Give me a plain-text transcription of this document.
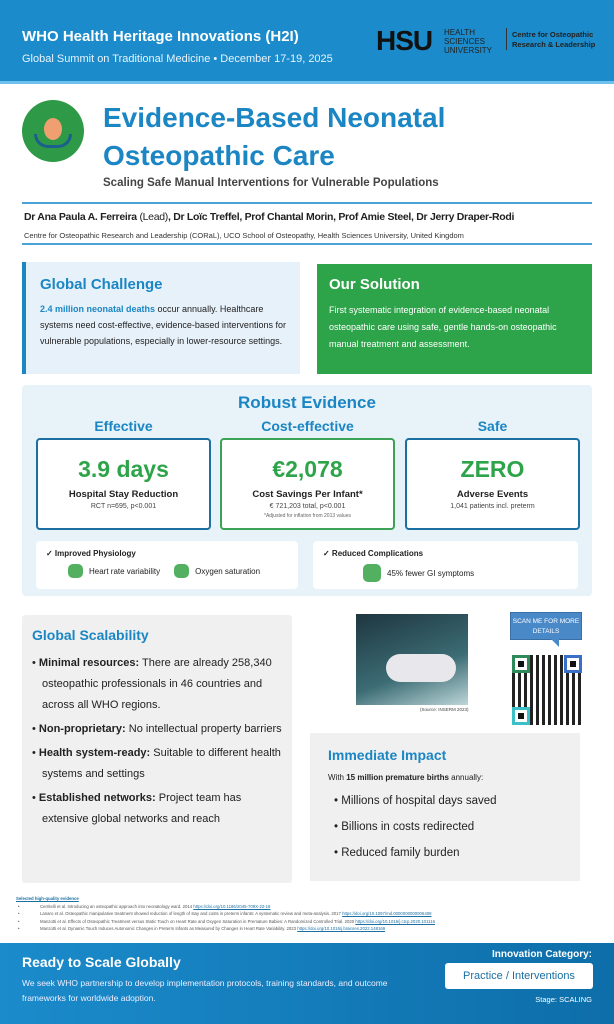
WHO Health Heritage Innovations (H2I)
Global Summit on Traditional Medicine • December 17-19, 2025
HSU HEALTH
SCIENCES
UNIVERSITY
Centre for Osteopathic
Research & Leadership
Evidence-Based Neonatal
Osteopathic Care
Scaling Safe Manual Interventions for Vulnerable Populations
Dr Ana Paula A. Ferreira (Lead), Dr Loïc Treffel, Prof Chantal Morin, Prof Amie Steel, Dr Jerry Draper-Rodi
Centre for Osteopathic Research and Leadership (CORaL), UCO School of Osteopathy, Health Sciences University, United Kingdom
Global Challenge

2.4 million neonatal deaths occur annually. Healthcare systems need cost-effective, evidence-based interventions for vulnerable populations, especially in lower-resource settings.

Our Solution

First systematic integration of evidence-based neonatal osteopathic care using safe, gentle hands-on osteopathic manual treatment and assessment.

Robust Evidence
Effective	Cost-effective	Safe
3.9 days
Hospital Stay Reduction
RCT n=695, p<0.001
€2,078
Cost Savings Per Infant*
€ 721,203 total, p<0.001
*Adjusted for inflation from 2013 values
ZERO
Adverse Events
1,041 patients incl. preterm
✓ Improved Physiology
Heart rate variability	Oxygen saturation
✓ Reduced Complications
45% fewer GI symptoms
Global Scalability
• Minimal resources: There are already 258,340 osteopathic professionals in 46 countries and across all WHO regions.
• Non-proprietary: No intellectual property barriers
• Health system-ready: Suitable to different health systems and settings
• Established networks: Project team has extensive global networks and reach
(Source: INSERM 2023)
SCAN ME FOR MORE DETAILS
Immediate Impact
With 15 million premature births annually:
• Millions of hospital days saved
• Billions in costs redirected
• Reduced family burden
Selected high-quality evidence
• Cerritelli et al. Introducing an osteopathic approach into neonatology ward. 2014 https://doi.org/10.1186/2045-709X-22-18
• Lanaro et al. Osteopathic manipulative treatment showed reduction of length of stay and costs in preterm infants: A systematic review and meta-analysis. 2017 https://doi.org/10.1097/md.0000000000006408
• Manzotti et al. Effects of Osteopathic Treatment versus Static Touch on Heart Rate and Oxygen Saturation in Premature Babies: A Randomized Controlled Trial. 2020 https://doi.org/10.1016/j.ctcp.2020.101116
• Manzotti et al. Dynamic Touch Induces Autonomic Changes in Preterm Infants as Measured by Changes in Heart Rate Variability. 2023 https://doi.org/10.1016/j.brainres.2022.148169
Ready to Scale Globally
We seek WHO partnership to develop implementation protocols, training standards, and outcome frameworks for worldwide adoption.
Innovation Category:
Practice / Interventions
Stage: SCALING
